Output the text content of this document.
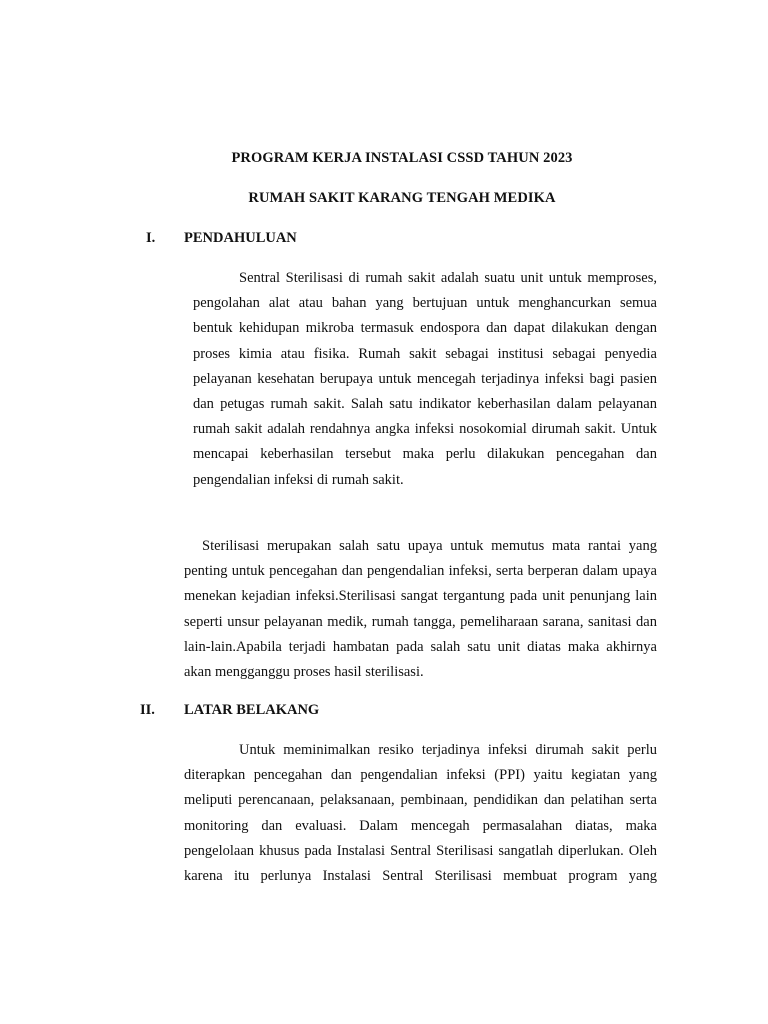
PROGRAM KERJA INSTALASI CSSD TAHUN 2023
RUMAH SAKIT KARANG TENGAH MEDIKA
I. PENDAHULUAN

Sentral Sterilisasi di rumah sakit adalah suatu unit untuk memproses, pengolahan alat atau bahan yang bertujuan untuk menghancurkan semua bentuk kehidupan mikroba termasuk endospora dan dapat dilakukan dengan proses kimia atau fisika. Rumah sakit sebagai institusi sebagai penyedia pelayanan kesehatan berupaya untuk mencegah terjadinya infeksi bagi pasien dan petugas rumah sakit. Salah satu indikator keberhasilan dalam pelayanan rumah sakit adalah rendahnya angka infeksi nosokomial dirumah sakit. Untuk mencapai keberhasilan tersebut maka perlu dilakukan pencegahan dan pengendalian infeksi di rumah sakit.

Sterilisasi merupakan salah satu upaya untuk memutus mata rantai yang penting untuk pencegahan dan pengendalian infeksi, serta berperan dalam upaya menekan kejadian infeksi.Sterilisasi sangat tergantung pada unit penunjang lain seperti unsur pelayanan medik, rumah tangga, pemeliharaan sarana, sanitasi dan lain-lain.Apabila terjadi hambatan pada salah satu unit diatas maka akhirnya akan mengganggu proses hasil sterilisasi.

II. LATAR BELAKANG

Untuk meminimalkan resiko terjadinya infeksi dirumah sakit perlu diterapkan pencegahan dan pengendalian infeksi (PPI) yaitu kegiatan yang meliputi perencanaan, pelaksanaan, pembinaan, pendidikan dan pelatihan serta monitoring dan evaluasi. Dalam mencegah permasalahan diatas, maka pengelolaan khusus pada Instalasi Sentral Sterilisasi sangatlah diperlukan. Oleh karena itu perlunya Instalasi Sentral Sterilisasi membuat program yang
